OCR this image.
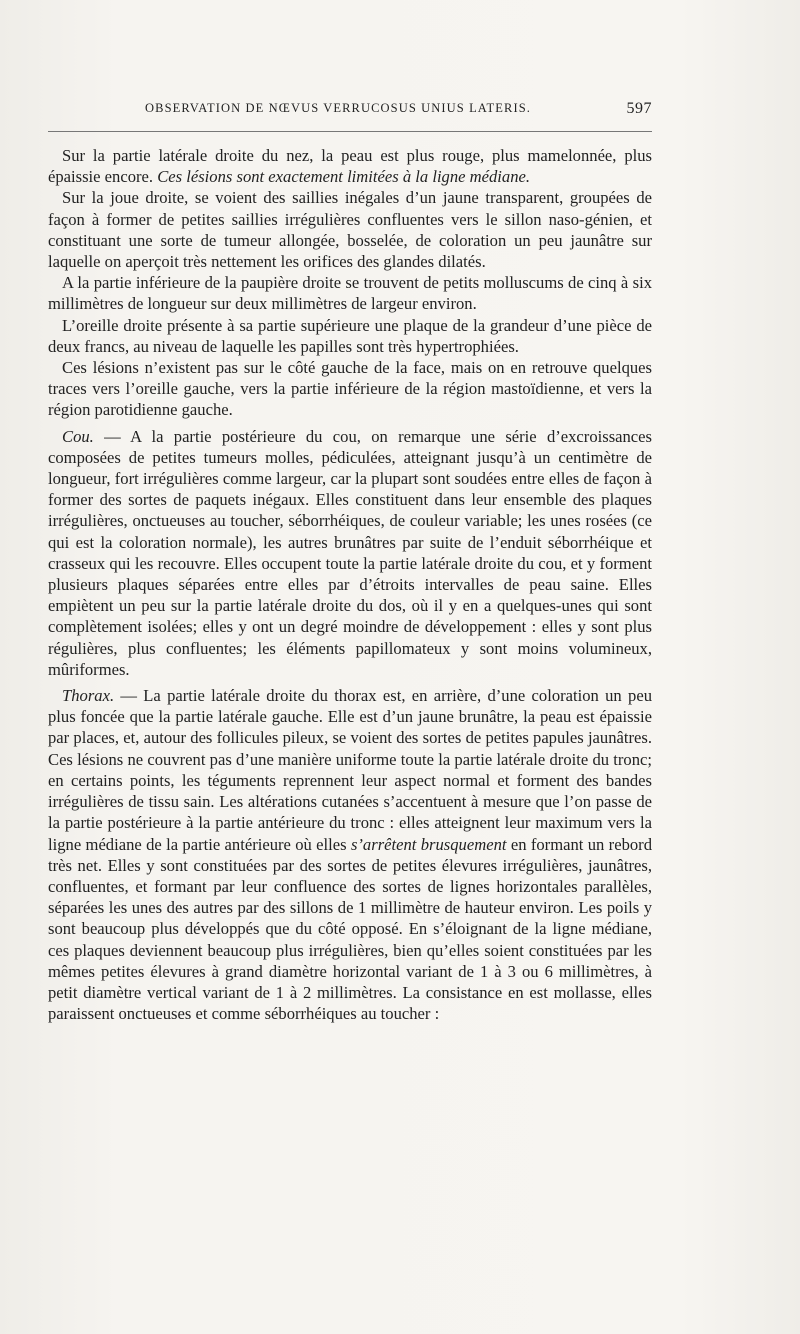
OBSERVATION DE NŒVUS VERRUCOSUS UNIUS LATERIS.	597

Sur la partie latérale droite du nez, la peau est plus rouge, plus mamelonnée, plus épaissie encore. Ces lésions sont exactement limitées à la ligne médiane.

Sur la joue droite, se voient des saillies inégales d’un jaune transparent, groupées de façon à former de petites saillies irrégulières confluentes vers le sillon naso-génien, et constituant une sorte de tumeur allongée, bosselée, de coloration un peu jaunâtre sur laquelle on aperçoit très nettement les orifices des glandes dilatés.

A la partie inférieure de la paupière droite se trouvent de petits molluscums de cinq à six millimètres de longueur sur deux millimètres de largeur environ.

L’oreille droite présente à sa partie supérieure une plaque de la grandeur d’une pièce de deux francs, au niveau de laquelle les papilles sont très hypertrophiées.

Ces lésions n’existent pas sur le côté gauche de la face, mais on en retrouve quelques traces vers l’oreille gauche, vers la partie inférieure de la région mastoïdienne, et vers la région parotidienne gauche.

Cou. — A la partie postérieure du cou, on remarque une série d’excroissances composées de petites tumeurs molles, pédiculées, atteignant jusqu’à un centimètre de longueur, fort irrégulières comme largeur, car la plupart sont soudées entre elles de façon à former des sortes de paquets inégaux. Elles constituent dans leur ensemble des plaques irrégulières, onctueuses au toucher, séborrhéiques, de couleur variable; les unes rosées (ce qui est la coloration normale), les autres brunâtres par suite de l’enduit séborrhéique et crasseux qui les recouvre. Elles occupent toute la partie latérale droite du cou, et y forment plusieurs plaques séparées entre elles par d’étroits intervalles de peau saine. Elles empiètent un peu sur la partie latérale droite du dos, où il y en a quelques-unes qui sont complètement isolées; elles y ont un degré moindre de développement : elles y sont plus régulières, plus confluentes; les éléments papillomateux y sont moins volumineux, mûriformes.

Thorax. — La partie latérale droite du thorax est, en arrière, d’une coloration un peu plus foncée que la partie latérale gauche. Elle est d’un jaune brunâtre, la peau est épaissie par places, et, autour des follicules pileux, se voient des sortes de petites papules jaunâtres. Ces lésions ne couvrent pas d’une manière uniforme toute la partie latérale droite du tronc; en certains points, les téguments reprennent leur aspect normal et forment des bandes irrégulières de tissu sain. Les altérations cutanées s’accentuent à mesure que l’on passe de la partie postérieure à la partie antérieure du tronc : elles atteignent leur maximum vers la ligne médiane de la partie antérieure où elles s’arrêtent brusquement en formant un rebord très net. Elles y sont constituées par des sortes de petites élevures irrégulières, jaunâtres, confluentes, et formant par leur confluence des sortes de lignes horizontales parallèles, séparées les unes des autres par des sillons de 1 millimètre de hauteur environ. Les poils y sont beaucoup plus développés que du côté opposé. En s’éloignant de la ligne médiane, ces plaques deviennent beaucoup plus irrégulières, bien qu’elles soient constituées par les mêmes petites élevures à grand diamètre horizontal variant de 1 à 3 ou 6 millimètres, à petit diamètre vertical variant de 1 à 2 millimètres. La consistance en est mollasse, elles paraissent onctueuses et comme séborrhéiques au toucher :
